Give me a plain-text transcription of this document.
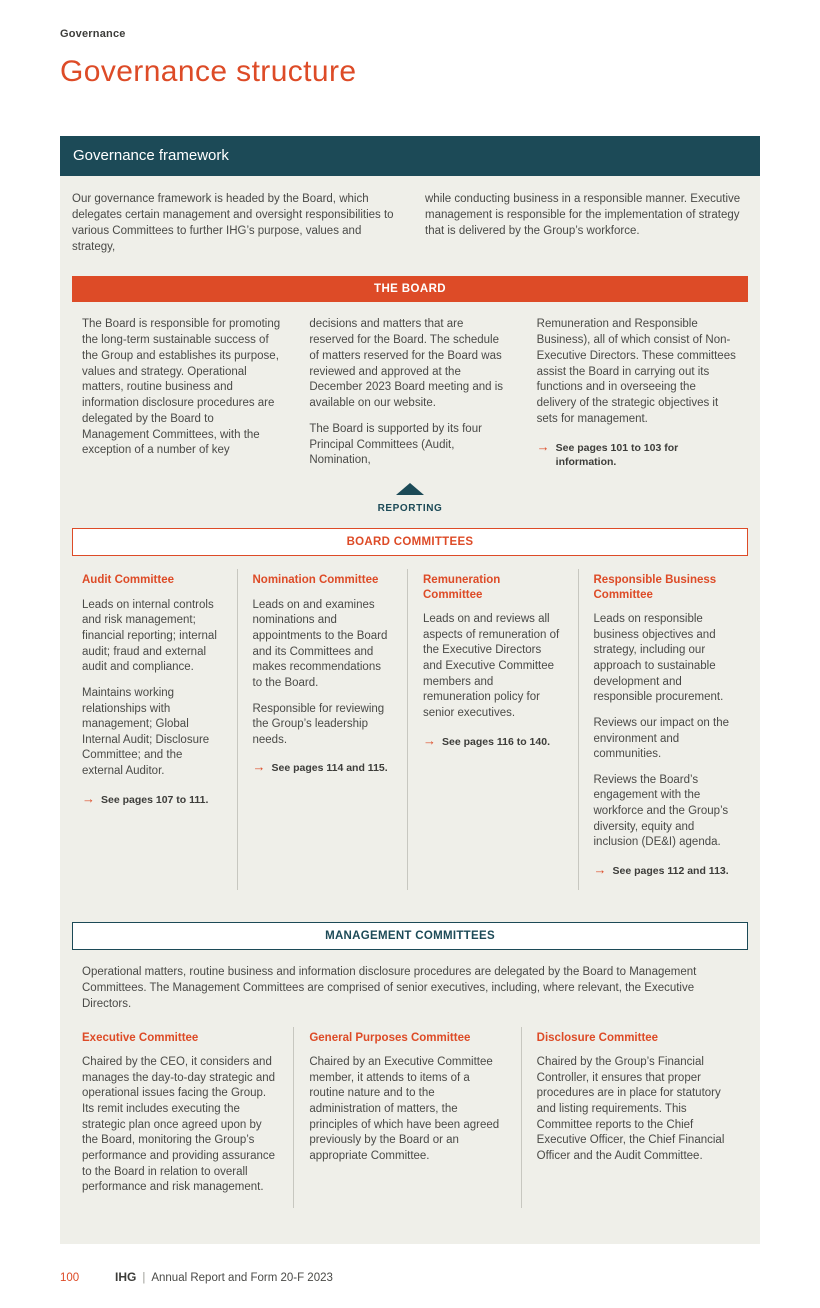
Governance
Governance structure
Governance framework

Our governance framework is headed by the Board, which delegates certain management and oversight responsibilities to various Committees to further IHG’s purpose, values and strategy,

while conducting business in a responsible manner. Executive management is responsible for the implementation of strategy that is delivered by the Group’s workforce.

THE BOARD

The Board is responsible for promoting the long-term sustainable success of the Group and establishes its purpose, values and strategy. Operational matters, routine business and information disclosure procedures are delegated by the Board to Management Committees, with the exception of a number of key

decisions and matters that are reserved for the Board. The schedule of matters reserved for the Board was reviewed and approved at the December 2023 Board meeting and is available on our website.

The Board is supported by its four Principal Committees (Audit, Nomination,

Remuneration and Responsible Business), all of which consist of Non-Executive Directors. These committees assist the Board in carrying out its functions and in overseeing the delivery of the strategic objectives it sets for management.

→ See pages 101 to 103 for information.
REPORTING
BOARD COMMITTEES

Audit Committee

Leads on internal controls and risk management; financial reporting; internal audit; fraud and external audit and compliance.

Maintains working relationships with management; Global Internal Audit; Disclosure Committee; and the external Auditor.

→ See pages 107 to 111.

Nomination Committee

Leads on and examines nominations and appointments to the Board and its Committees and makes recommendations to the Board.

Responsible for reviewing the Group’s leadership needs.

→ See pages 114 and 115.

Remuneration Committee

Leads on and reviews all aspects of remuneration of the Executive Directors and Executive Committee members and remuneration policy for senior executives.

→ See pages 116 to 140.

Responsible Business Committee

Leads on responsible business objectives and strategy, including our approach to sustainable development and responsible procurement.

Reviews our impact on the environment and communities.

Reviews the Board’s engagement with the workforce and the Group’s diversity, equity and inclusion (DE&I) agenda.

→ See pages 112 and 113.
MANAGEMENT COMMITTEES

Operational matters, routine business and information disclosure procedures are delegated by the Board to Management Committees. The Management Committees are comprised of senior executives, including, where relevant, the Executive Directors.

Executive Committee

Chaired by the CEO, it considers and manages the day-to-day strategic and operational issues facing the Group. Its remit includes executing the strategic plan once agreed upon by the Board, monitoring the Group’s performance and providing assurance to the Board in relation to overall performance and risk management.

General Purposes Committee

Chaired by an Executive Committee member, it attends to items of a routine nature and to the administration of matters, the principles of which have been agreed previously by the Board or an appropriate Committee.

Disclosure Committee

Chaired by the Group’s Financial Controller, it ensures that proper procedures are in place for statutory and listing requirements. This Committee reports to the Chief Executive Officer, the Chief Financial Officer and the Audit Committee.

100	IHG | Annual Report and Form 20-F 2023
